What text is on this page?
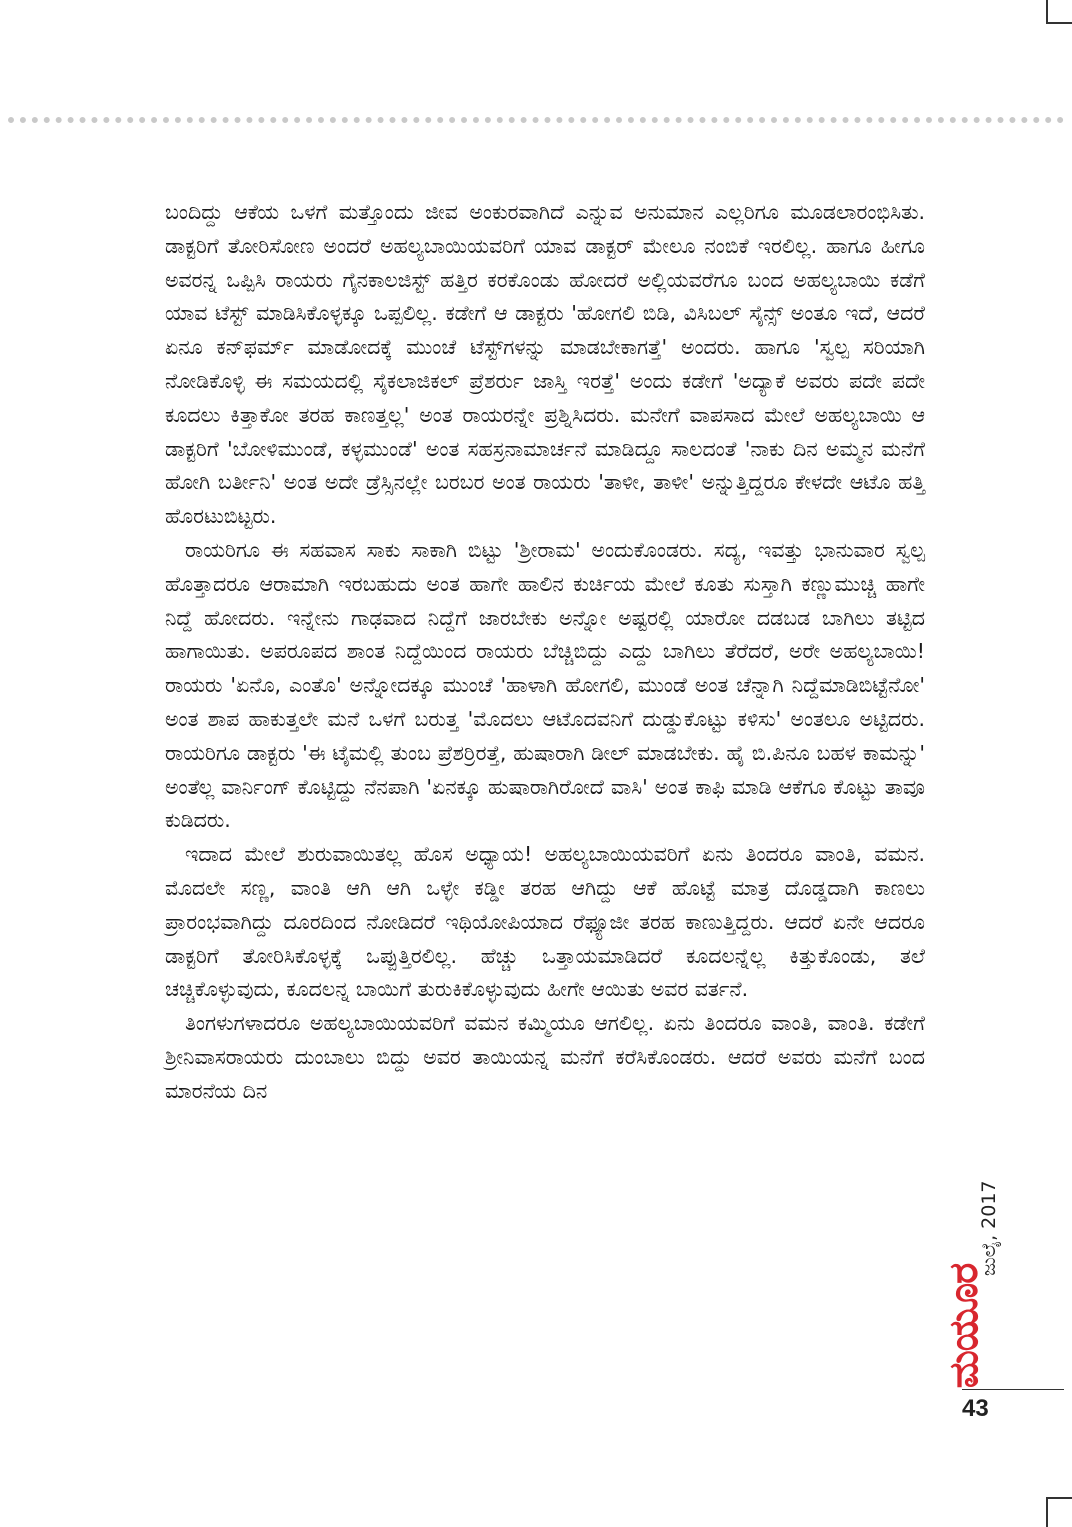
ಬಂದಿದ್ದು ಆಕೆಯ ಒಳಗೆ ಮತ್ತೊಂದು ಜೀವ ಅಂಕುರವಾಗಿದೆ ಎನ್ನುವ ಅನುಮಾನ ಎಲ್ಲರಿಗೂ ಮೂಡಲಾರಂಭಿಸಿತು. ಡಾಕ್ಟರಿಗೆ ತೋರಿಸೋಣ ಅಂದರೆ ಅಹಲ್ಯಬಾಯಿಯವರಿಗೆ ಯಾವ ಡಾಕ್ಟರ್ ಮೇಲೂ ನಂಬಿಕೆ ಇರಲಿಲ್ಲ. ಹಾಗೂ ಹೀಗೂ ಅವರನ್ನ ಒಪ್ಪಿಸಿ ರಾಯರು ಗೈನಕಾಲಜಿಸ್ಟ್ ಹತ್ತಿರ ಕರಕೊಂಡು ಹೋದರೆ ಅಲ್ಲಿಯವರೆಗೂ ಬಂದ ಅಹಲ್ಯಬಾಯಿ ಕಡೆಗೆ ಯಾವ ಟೆಸ್ಟ್ ಮಾಡಿಸಿಕೊಳ್ಳಕ್ಕೂ ಒಪ್ಪಲಿಲ್ಲ. ಕಡೇಗೆ ಆ ಡಾಕ್ಟರು 'ಹೋಗಲಿ ಬಿಡಿ, ವಿಸಿಬಲ್ ಸೈನ್ಸ್ ಅಂತೂ ಇದೆ, ಆದರೆ ಏನೂ ಕನ್‌ಫರ್ಮ್ ಮಾಡೋದಕ್ಕೆ ಮುಂಚೆ ಟೆಸ್ಟ್‌ಗಳನ್ನು ಮಾಡಬೇಕಾಗತ್ತೆ' ಅಂದರು. ಹಾಗೂ 'ಸ್ವಲ್ಪ ಸರಿಯಾಗಿ ನೋಡಿಕೊಳ್ಳಿ ಈ ಸಮಯದಲ್ಲಿ ಸೈಕಲಾಜಿಕಲ್ ಪ್ರೆಶರ್ರು ಜಾಸ್ತಿ ಇರತ್ತೆ' ಅಂದು ಕಡೇಗೆ 'ಅದ್ಯಾಕೆ ಅವರು ಪದೇ ಪದೇ ಕೂದಲು ಕಿತ್ತಾಕೋ ತರಹ ಕಾಣತ್ತಲ್ಲ' ಅಂತ ರಾಯರನ್ನೇ ಪ್ರಶ್ನಿಸಿದರು. ಮನೇಗೆ ವಾಪಸಾದ ಮೇಲೆ ಅಹಲ್ಯಬಾಯಿ ಆ ಡಾಕ್ಟರಿಗೆ 'ಬೋಳಿಮುಂಡೆ, ಕಳ್ಳಮುಂಡೆ' ಅಂತ ಸಹಸ್ರನಾಮಾರ್ಚನೆ ಮಾಡಿದ್ದೂ ಸಾಲದಂತೆ 'ನಾಕು ದಿನ ಅಮ್ಮನ ಮನೆಗೆ ಹೋಗಿ ಬರ್ತೀನಿ' ಅಂತ ಅದೇ ಡ್ರೆಸ್ಸಿನಲ್ಲೇ ಬರಬರ ಅಂತ ರಾಯರು 'ತಾಳೀ, ತಾಳೀ' ಅನ್ನುತ್ತಿದ್ದರೂ ಕೇಳದೇ ಆಟೊ ಹತ್ತಿ ಹೊರಟುಬಿಟ್ಟರು.

ರಾಯರಿಗೂ ಈ ಸಹವಾಸ ಸಾಕು ಸಾಕಾಗಿ ಬಿಟ್ಟು 'ಶ್ರೀರಾಮ' ಅಂದುಕೊಂಡರು. ಸದ್ಯ, ಇವತ್ತು ಭಾನುವಾರ ಸ್ವಲ್ಪ ಹೊತ್ತಾದರೂ ಆರಾಮಾಗಿ ಇರಬಹುದು ಅಂತ ಹಾಗೇ ಹಾಲಿನ ಕುರ್ಚಿಯ ಮೇಲೆ ಕೂತು ಸುಸ್ತಾಗಿ ಕಣ್ಣುಮುಚ್ಚಿ ಹಾಗೇ ನಿದ್ದೆ ಹೋದರು. ಇನ್ನೇನು ಗಾಢವಾದ ನಿದ್ದೆಗೆ ಜಾರಬೇಕು ಅನ್ನೋ ಅಷ್ಟರಲ್ಲಿ ಯಾರೋ ದಡಬಡ ಬಾಗಿಲು ತಟ್ಟಿದ ಹಾಗಾಯಿತು. ಅಪರೂಪದ ಶಾಂತ ನಿದ್ದೆಯಿಂದ ರಾಯರು ಬೆಚ್ಚಿಬಿದ್ದು ಎದ್ದು ಬಾಗಿಲು ತೆರೆದರೆ, ಅರೇ ಅಹಲ್ಯಬಾಯಿ! ರಾಯರು 'ಏನೊ, ಎಂತೊ' ಅನ್ನೋದಕ್ಕೂ ಮುಂಚೆ 'ಹಾಳಾಗಿ ಹೋಗಲಿ, ಮುಂಡೆ ಅಂತ ಚೆನ್ನಾಗಿ ನಿದ್ದೆಮಾಡಿಬಿಟ್ಟೆನೋ' ಅಂತ ಶಾಪ ಹಾಕುತ್ತಲೇ ಮನೆ ಒಳಗೆ ಬರುತ್ತ 'ಮೊದಲು ಆಟೊದವನಿಗೆ ದುಡ್ಡುಕೊಟ್ಟು ಕಳಿಸು' ಅಂತಲೂ ಅಟ್ಟಿದರು. ರಾಯರಿಗೂ ಡಾಕ್ಟರು 'ಈ ಟೈಮಲ್ಲಿ ತುಂಬ ಪ್ರೆಶರ್ರಿರತ್ತೆ, ಹುಷಾರಾಗಿ ಡೀಲ್ ಮಾಡಬೇಕು. ಹೈ ಬಿ.ಪಿನೂ ಬಹಳ ಕಾಮನ್ನು' ಅಂತೆಲ್ಲ ವಾರ್ನಿಂಗ್ ಕೊಟ್ಟಿದ್ದು ನೆನಪಾಗಿ 'ಏನಕ್ಕೂ ಹುಷಾರಾಗಿರೋದೆ ವಾಸಿ' ಅಂತ ಕಾಫಿ ಮಾಡಿ ಆಕೆಗೂ ಕೊಟ್ಟು ತಾವೂ ಕುಡಿದರು.

ಇದಾದ ಮೇಲೆ ಶುರುವಾಯಿತಲ್ಲ ಹೊಸ ಅಧ್ಯಾಯ! ಅಹಲ್ಯಬಾಯಿಯವರಿಗೆ ಏನು ತಿಂದರೂ ವಾಂತಿ, ವಮನ. ಮೊದಲೇ ಸಣ್ಣ, ವಾಂತಿ ಆಗಿ ಆಗಿ ಒಳ್ಳೇ ಕಡ್ಡೀ ತರಹ ಆಗಿದ್ದು ಆಕೆ ಹೊಟ್ಟೆ ಮಾತ್ರ ದೊಡ್ಡದಾಗಿ ಕಾಣಲು ಪ್ರಾರಂಭವಾಗಿದ್ದು ದೂರದಿಂದ ನೋಡಿದರೆ ಇಥಿಯೋಪಿಯಾದ ರೆಫ್ಯೂಜೀ ತರಹ ಕಾಣುತ್ತಿದ್ದರು. ಆದರೆ ಏನೇ ಆದರೂ ಡಾಕ್ಟರಿಗೆ ತೋರಿಸಿಕೊಳ್ಳಕ್ಕೆ ಒಪ್ಪುತ್ತಿರಲಿಲ್ಲ. ಹೆಚ್ಚು ಒತ್ತಾಯಮಾಡಿದರೆ ಕೂದಲನ್ನೆಲ್ಲ ಕಿತ್ತುಕೊಂಡು, ತಲೆ ಚಚ್ಚಿಕೊಳ್ಳುವುದು, ಕೂದಲನ್ನ ಬಾಯಿಗೆ ತುರುಕಿಕೊಳ್ಳುವುದು ಹೀಗೇ ಆಯಿತು ಅವರ ವರ್ತನೆ.

ತಿಂಗಳುಗಳಾದರೂ ಅಹಲ್ಯಬಾಯಿಯವರಿಗೆ ವಮನ ಕಮ್ಮಿಯೂ ಆಗಲಿಲ್ಲ. ಏನು ತಿಂದರೂ ವಾಂತಿ, ವಾಂತಿ. ಕಡೇಗೆ ಶ್ರೀನಿವಾಸರಾಯರು ದುಂಬಾಲು ಬಿದ್ದು ಅವರ ತಾಯಿಯನ್ನ ಮನೆಗೆ ಕರೆಸಿಕೊಂಡರು. ಆದರೆ ಅವರು ಮನೆಗೆ ಬಂದ ಮಾರನೆಯ ದಿನ

ಜುಲೈ, 2017
ಮಯೂರ
43
